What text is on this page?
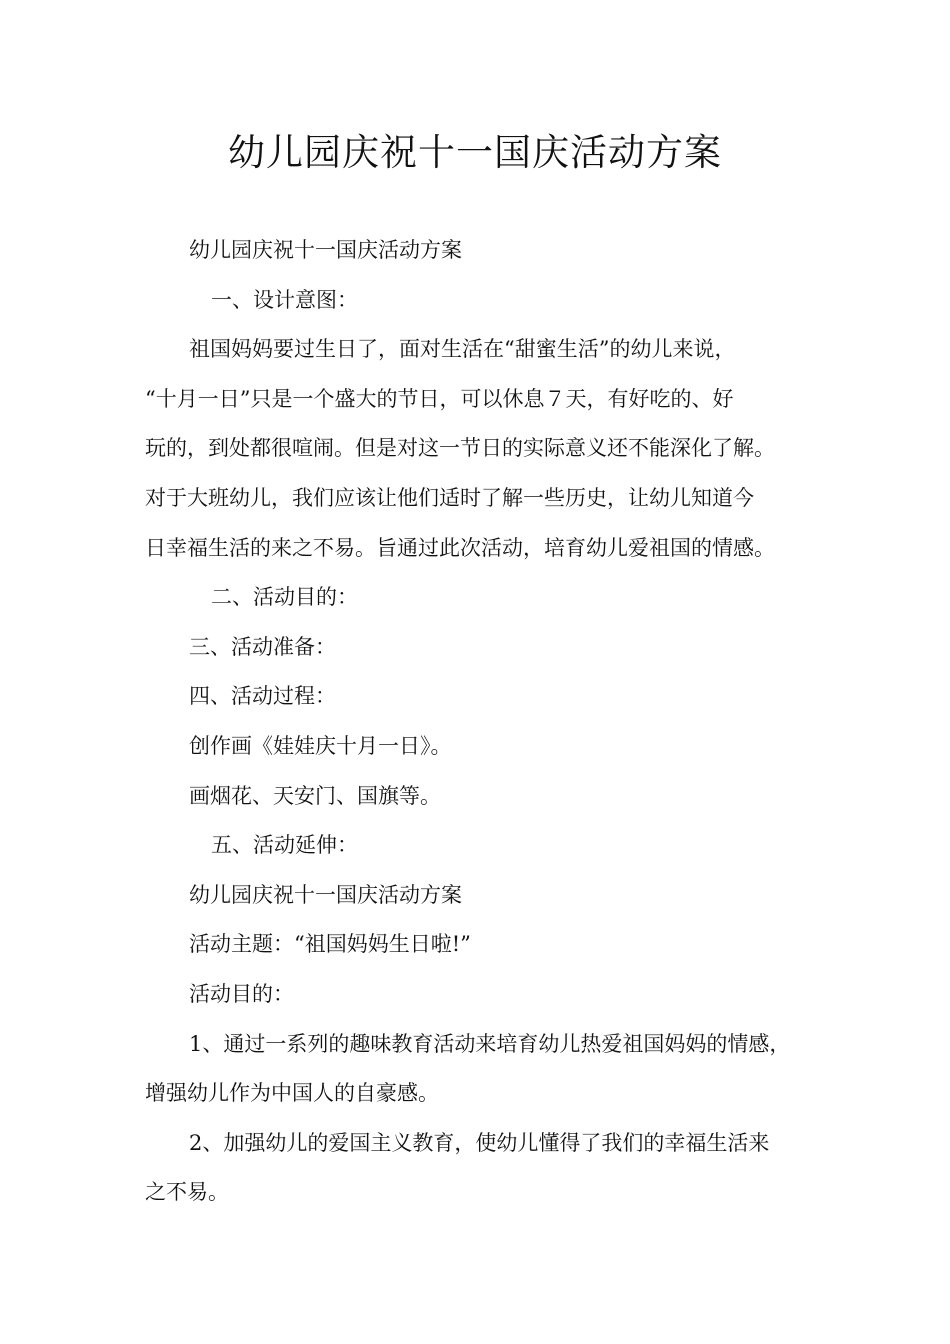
幼儿园庆祝十一国庆活动方案
幼儿园庆祝十一国庆活动方案
一、设计意图：
祖国妈妈要过生日了，面对生活在“甜蜜生活”的幼儿来说，
“十月一日”只是一个盛大的节日，可以休息７天，有好吃的、好
玩的，到处都很喧闹。但是对这一节日的实际意义还不能深化了解。
对于大班幼儿，我们应该让他们适时了解一些历史，让幼儿知道今
日幸福生活的来之不易。旨通过此次活动，培育幼儿爱祖国的情感。
二、活动目的：
三、活动准备：
四、活动过程：
创作画《娃娃庆十月一日》。
画烟花、天安门、国旗等。
五、活动延伸：
幼儿园庆祝十一国庆活动方案
活动主题：“祖国妈妈生日啦!”
活动目的：
1、通过一系列的趣味教育活动来培育幼儿热爱祖国妈妈的情感，
增强幼儿作为中国人的自豪感。
2、加强幼儿的爱国主义教育，使幼儿懂得了我们的幸福生活来
之不易。
